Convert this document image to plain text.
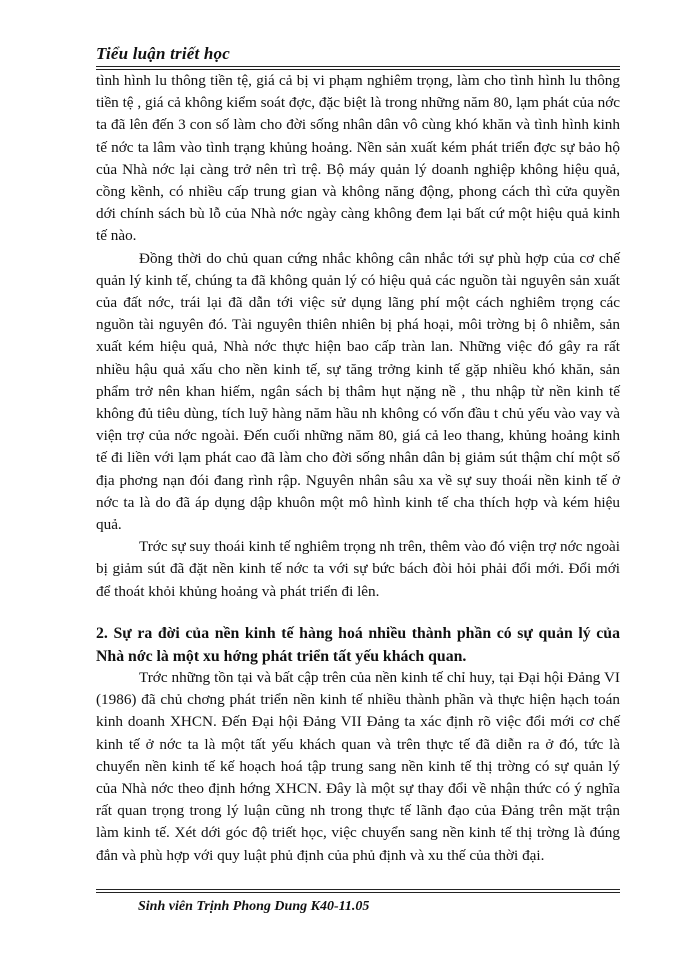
Tiểu luận triết học

tình hình lu thông tiền tệ, giá cả bị vi phạm nghiêm trọng, làm cho tình hình lu thông tiền tệ , giá cả không kiểm soát đợc, đặc biệt là trong những năm 80, lạm phát của nớc ta đã lên đến 3 con số làm cho đời sống nhân dân vô cùng khó khăn và tình hình kinh tế nớc ta lâm vào tình trạng khủng hoảng. Nền sản xuất kém phát triển đợc sự bảo hộ của Nhà nớc lại càng trở nên trì trệ. Bộ máy quản lý doanh nghiệp không hiệu quả, cồng kềnh, có nhiều cấp trung gian và không năng động, phong cách thì cửa quyền dới chính sách bù lỗ của Nhà nớc ngày càng không đem lại bất cứ một hiệu quả kinh tế nào.

Đồng thời do chủ quan cứng nhắc không cân nhắc tới sự phù hợp của cơ chế quản lý kinh tế, chúng ta đã không quản lý có hiệu quả các nguồn tài nguyên sản xuất của đất nớc, trái lại đã dẫn tới việc sử dụng lãng phí một cách nghiêm trọng các nguồn tài nguyên đó. Tài nguyên thiên nhiên bị phá hoại, môi trờng bị ô nhiễm, sản xuất kém hiệu quả, Nhà nớc thực hiện bao cấp tràn lan. Những việc đó gây ra rất nhiều hậu quả xấu cho nền kinh tế, sự tăng trởng kinh tế gặp nhiều khó khăn, sản phẩm trở nên khan hiếm, ngân sách bị thâm hụt nặng nề , thu nhập từ nền kinh tế không đủ tiêu dùng, tích luỹ hàng năm hầu nh không có vốn đầu t chủ yếu vào vay và viện trợ của nớc ngoài. Đến cuối những năm 80, giá cả leo thang, khủng hoảng kinh tế đi liền với lạm phát cao đã làm cho đời sống nhân dân bị giảm sút thậm chí một số địa phơng nạn đói đang rình rập. Nguyên nhân sâu xa về sự suy thoái nền kinh tế ở nớc ta là do đã áp dụng dập khuôn một mô hình kinh tế cha thích hợp và kém hiệu quả.

Trớc sự suy thoái kinh tế nghiêm trọng nh trên, thêm vào đó viện trợ nớc ngoài bị giảm sút đã đặt nền kinh tế nớc ta với sự bức bách đòi hỏi phải đổi mới. Đổi mới để thoát khỏi khủng hoảng và phát triển đi lên.

2. Sự ra đời của nền kinh tế hàng hoá nhiều thành phần có sự quản lý của Nhà nớc là một xu hớng phát triển tất yếu khách quan.

Trớc những tồn tại và bất cập trên của nền kinh tế chỉ huy, tại Đại hội Đảng VI (1986) đã chủ chơng phát triển nền kinh tế nhiều thành phần và thực hiện hạch toán kinh doanh XHCN. Đến Đại hội Đảng VII Đảng ta xác định rõ việc đổi mới cơ chế kinh tế ở nớc ta là một tất yếu khách quan và trên thực tế đã diễn ra ở đó, tức là chuyển nền kinh tế kế hoạch hoá tập trung sang nền kinh tế thị trờng có sự quản lý của Nhà nớc theo định hớng XHCN. Đây là một sự thay đổi về nhận thức có ý nghĩa rất quan trọng trong lý luận cũng nh trong thực tế lãnh đạo của Đảng trên mặt trận làm kinh tế. Xét dới góc độ triết học, việc chuyển sang nền kinh tế thị trờng là đúng đắn và phù hợp với quy luật phủ định của phủ định và xu thế của thời đại.

Sinh viên Trịnh Phong Dung K40-11.05
